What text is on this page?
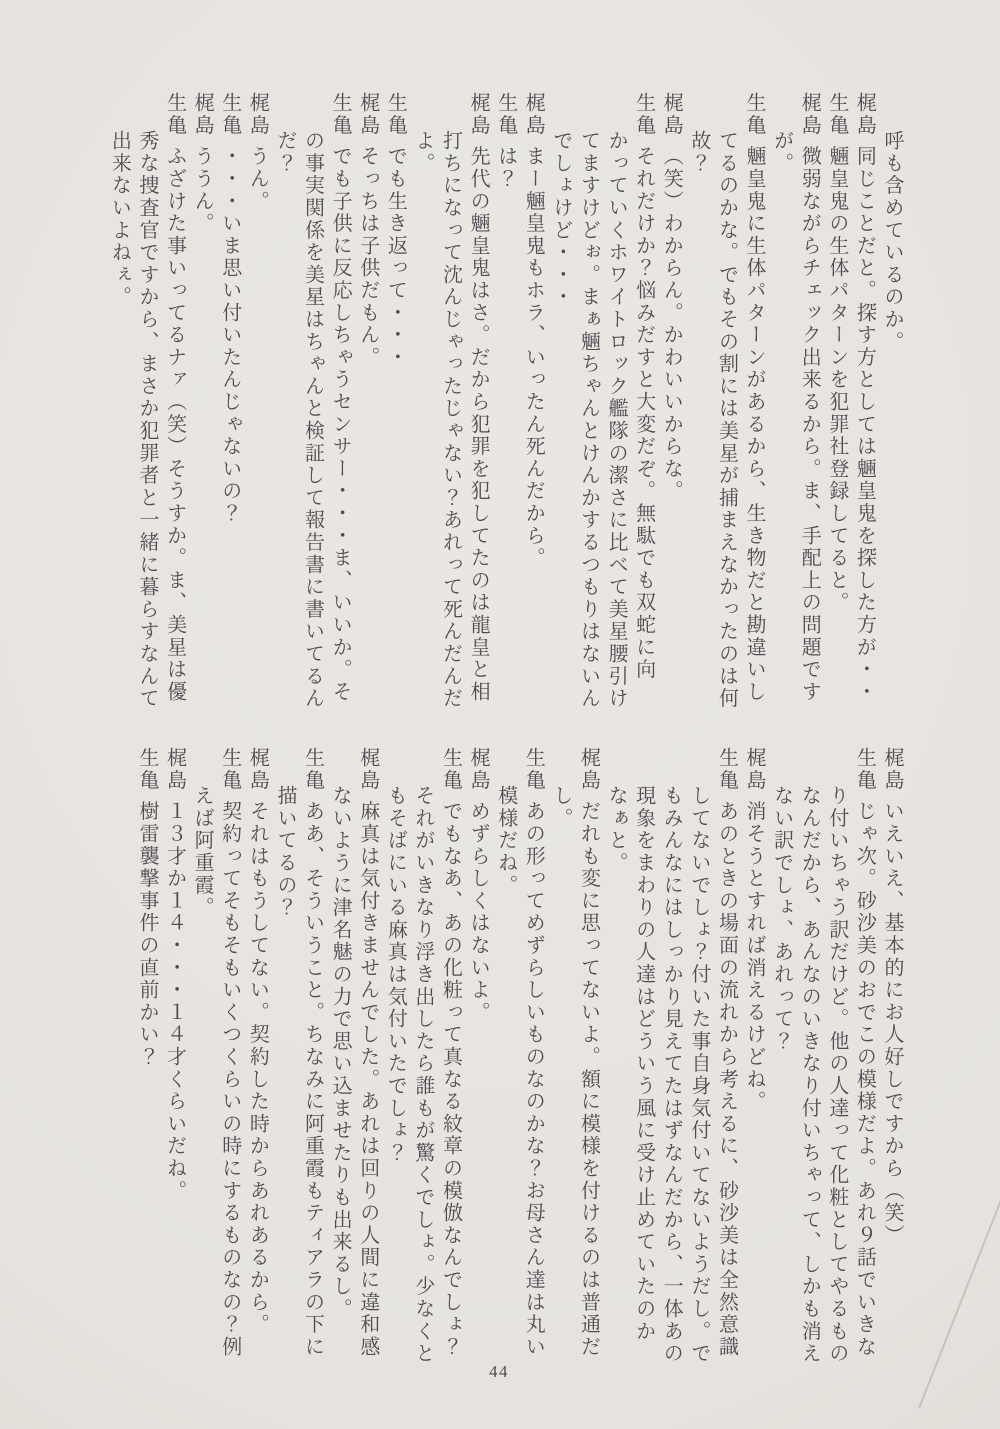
呼も含めているのか。

梶島同じことだと。探す方としては魎皇鬼を探した方が・・

生亀魎皇鬼の生体パターンを犯罪社登録してると。

梶島微弱ながらチェック出来るから。ま、手配上の問題ですが。

生亀魎皇鬼に生体パターンがあるから、生き物だと勘違いしてるのかな。でもその割には美星が捕まえなかったのは何故？

梶島（笑）わからん。かわいいからな。

生亀それだけか？悩みだすと大変だぞ。無駄でも双蛇に向かっていくホワイトロック艦隊の潔さに比べて美星腰引けてますけどぉ。まぁ魎ちゃんとけんかするつもりはないんでしょけど・・・

梶島まー魎皇鬼もホラ、いったん死んだから。

生亀は？

梶島先代の魎皇鬼はさ。だから犯罪を犯してたのは龍皇と相打ちになって沈んじゃったじゃない？あれって死んだんだよ。

生亀でも生き返って・・・

梶島そっちは子供だもん。

生亀でも子供に反応しちゃうセンサー・・・ま、いいか。その事実関係を美星はちゃんと検証して報告書に書いてるんだ？

梶島うん。

生亀・・・いま思い付いたんじゃないの？

梶島ううん。

生亀ふざけた事いってるナァ（笑）そうすか。ま、美星は優秀な捜査官ですから、まさか犯罪者と一緒に暮らすなんて出来ないよねぇ。

梶島いえいえ、基本的にお人好しですから（笑）

生亀じゃ次。砂沙美のおでこの模様だよ。あれ９話でいきなり付いちゃう訳だけど。他の人達って化粧としてやるものなんだから、あんなのいきなり付いちゃって、しかも消えない訳でしょ、あれって？

梶島消そうとすれば消えるけどね。

生亀あのときの場面の流れから考えるに、砂沙美は全然意識してないでしょ？付いた事自身気付いてないようだし。でもみんなにはしっかり見えてたはずなんだから、一体あの現象をまわりの人達はどういう風に受け止めていたのかなぁと。

梶島だれも変に思ってないよ。額に模様を付けるのは普通だし。

生亀あの形ってめずらしいものなのかな？お母さん達は丸い模様だね。

梶島めずらしくはないよ。

生亀でもなあ、あの化粧って真なる紋章の模倣なんでしょ？それがいきなり浮き出したら誰もが驚くでしょ。少なくともそばにいる麻真は気付いたでしょ？

梶島麻真は気付きませんでした。あれは回りの人間に違和感ないように津名魅の力で思い込ませたりも出来るし。

生亀ああ、そういうこと。ちなみに阿重霞もティアラの下に描いてるの？

梶島それはもうしてない。契約した時からあれあるから。

生亀契約ってそもそもいくつくらいの時にするものなの？例えば阿重霞。

梶島１３才か１４・・・１４才くらいだね。

生亀樹雷襲撃事件の直前かい？

44
